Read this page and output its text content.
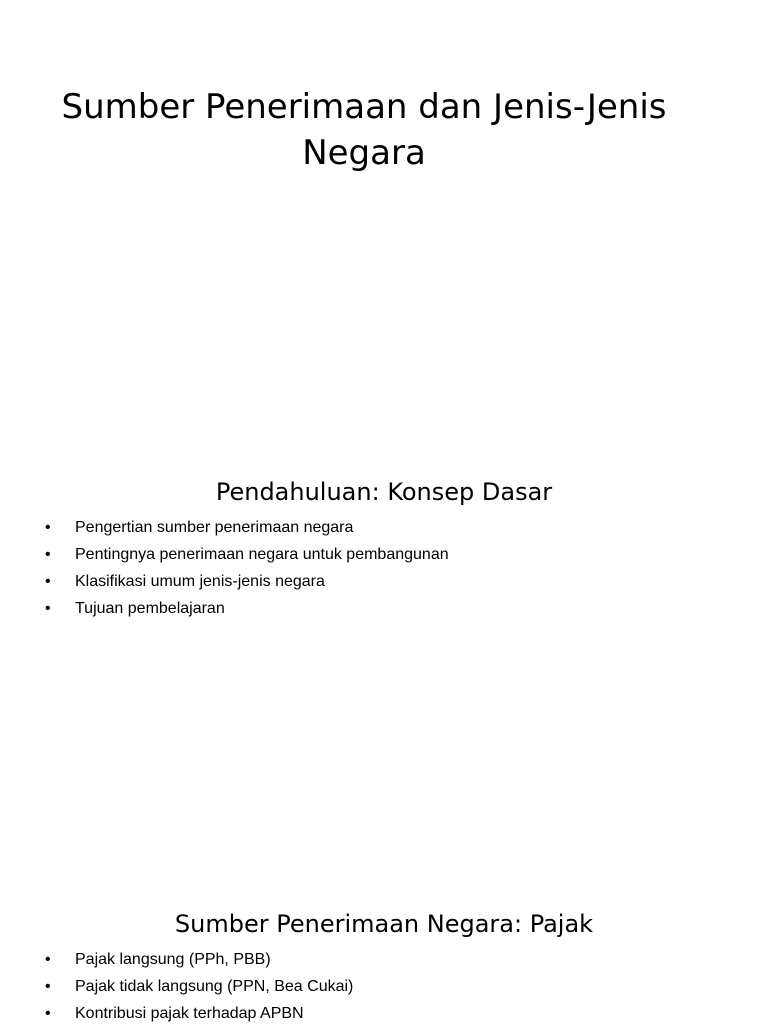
Sumber Penerimaan dan Jenis-Jenis Negara
Pendahuluan: Konsep Dasar
• Pengertian sumber penerimaan negara
• Pentingnya penerimaan negara untuk pembangunan
• Klasifikasi umum jenis-jenis negara
• Tujuan pembelajaran
Sumber Penerimaan Negara: Pajak
• Pajak langsung (PPh, PBB)
• Pajak tidak langsung (PPN, Bea Cukai)
• Kontribusi pajak terhadap APBN
